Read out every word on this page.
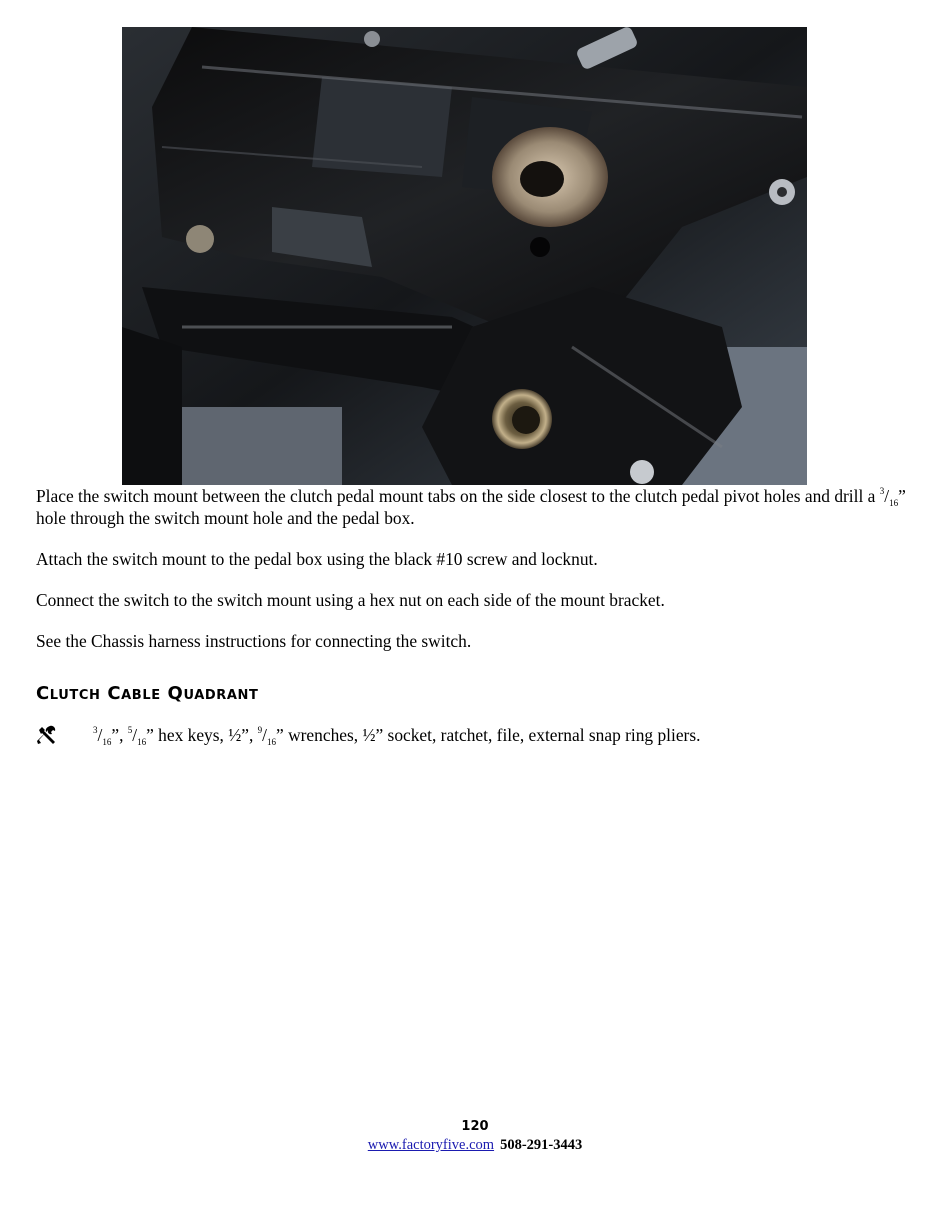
Place the switch mount between the clutch pedal mount tabs on the side closest to the clutch pedal pivot holes and drill a $^3/_{16}$” hole through the switch mount hole and the pedal box.

Attach the switch mount to the pedal box using the black #10 screw and locknut.

Connect the switch to the switch mount using a hex nut on each side of the mount bracket.

See the Chassis harness instructions for connecting the switch.

Clutch Cable Quadrant

$^3/_{16}$”, $^5/_{16}$” hex keys, ½”, $^9/_{16}$” wrenches, ½” socket, ratchet, file, external snap ring pliers.

120
www.factoryfive.com 508-291-3443
